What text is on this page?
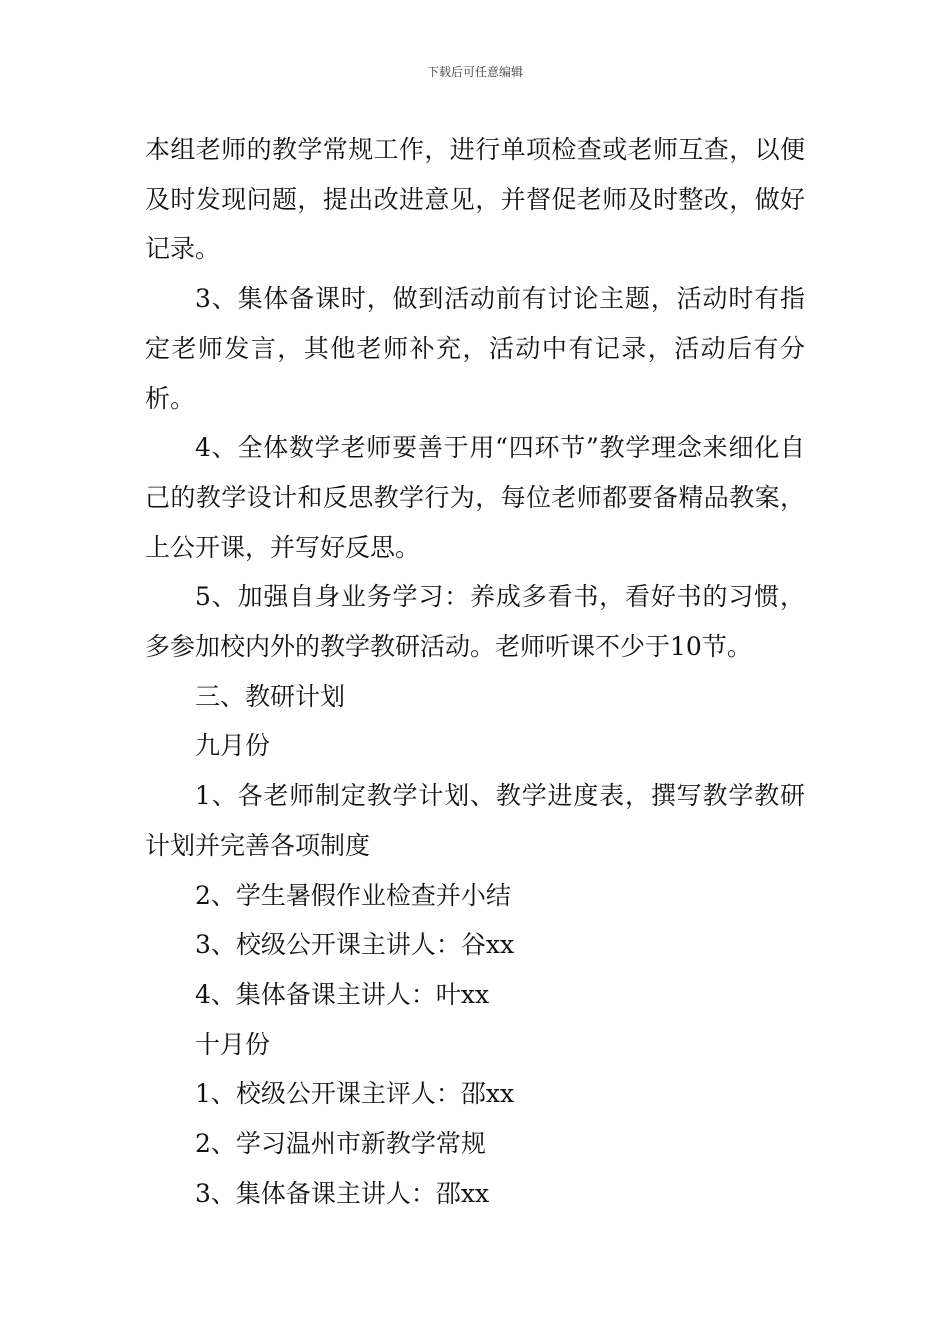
下载后可任意编辑

本组老师的教学常规工作，进行单项检查或老师互查，以便及时发现问题，提出改进意见，并督促老师及时整改，做好记录。

3、集体备课时，做到活动前有讨论主题，活动时有指定老师发言，其他老师补充，活动中有记录，活动后有分析。

4、全体数学老师要善于用“四环节”教学理念来细化自己的教学设计和反思教学行为，每位老师都要备精品教案，上公开课，并写好反思。

5、加强自身业务学习：养成多看书，看好书的习惯，多参加校内外的教学教研活动。老师听课不少于10节。

三、教研计划

九月份

1、各老师制定教学计划、教学进度表，撰写教学教研计划并完善各项制度

2、学生暑假作业检查并小结

3、校级公开课主讲人：谷xx

4、集体备课主讲人：叶xx

十月份

1、校级公开课主评人：邵xx

2、学习温州市新教学常规

3、集体备课主讲人：邵xx
